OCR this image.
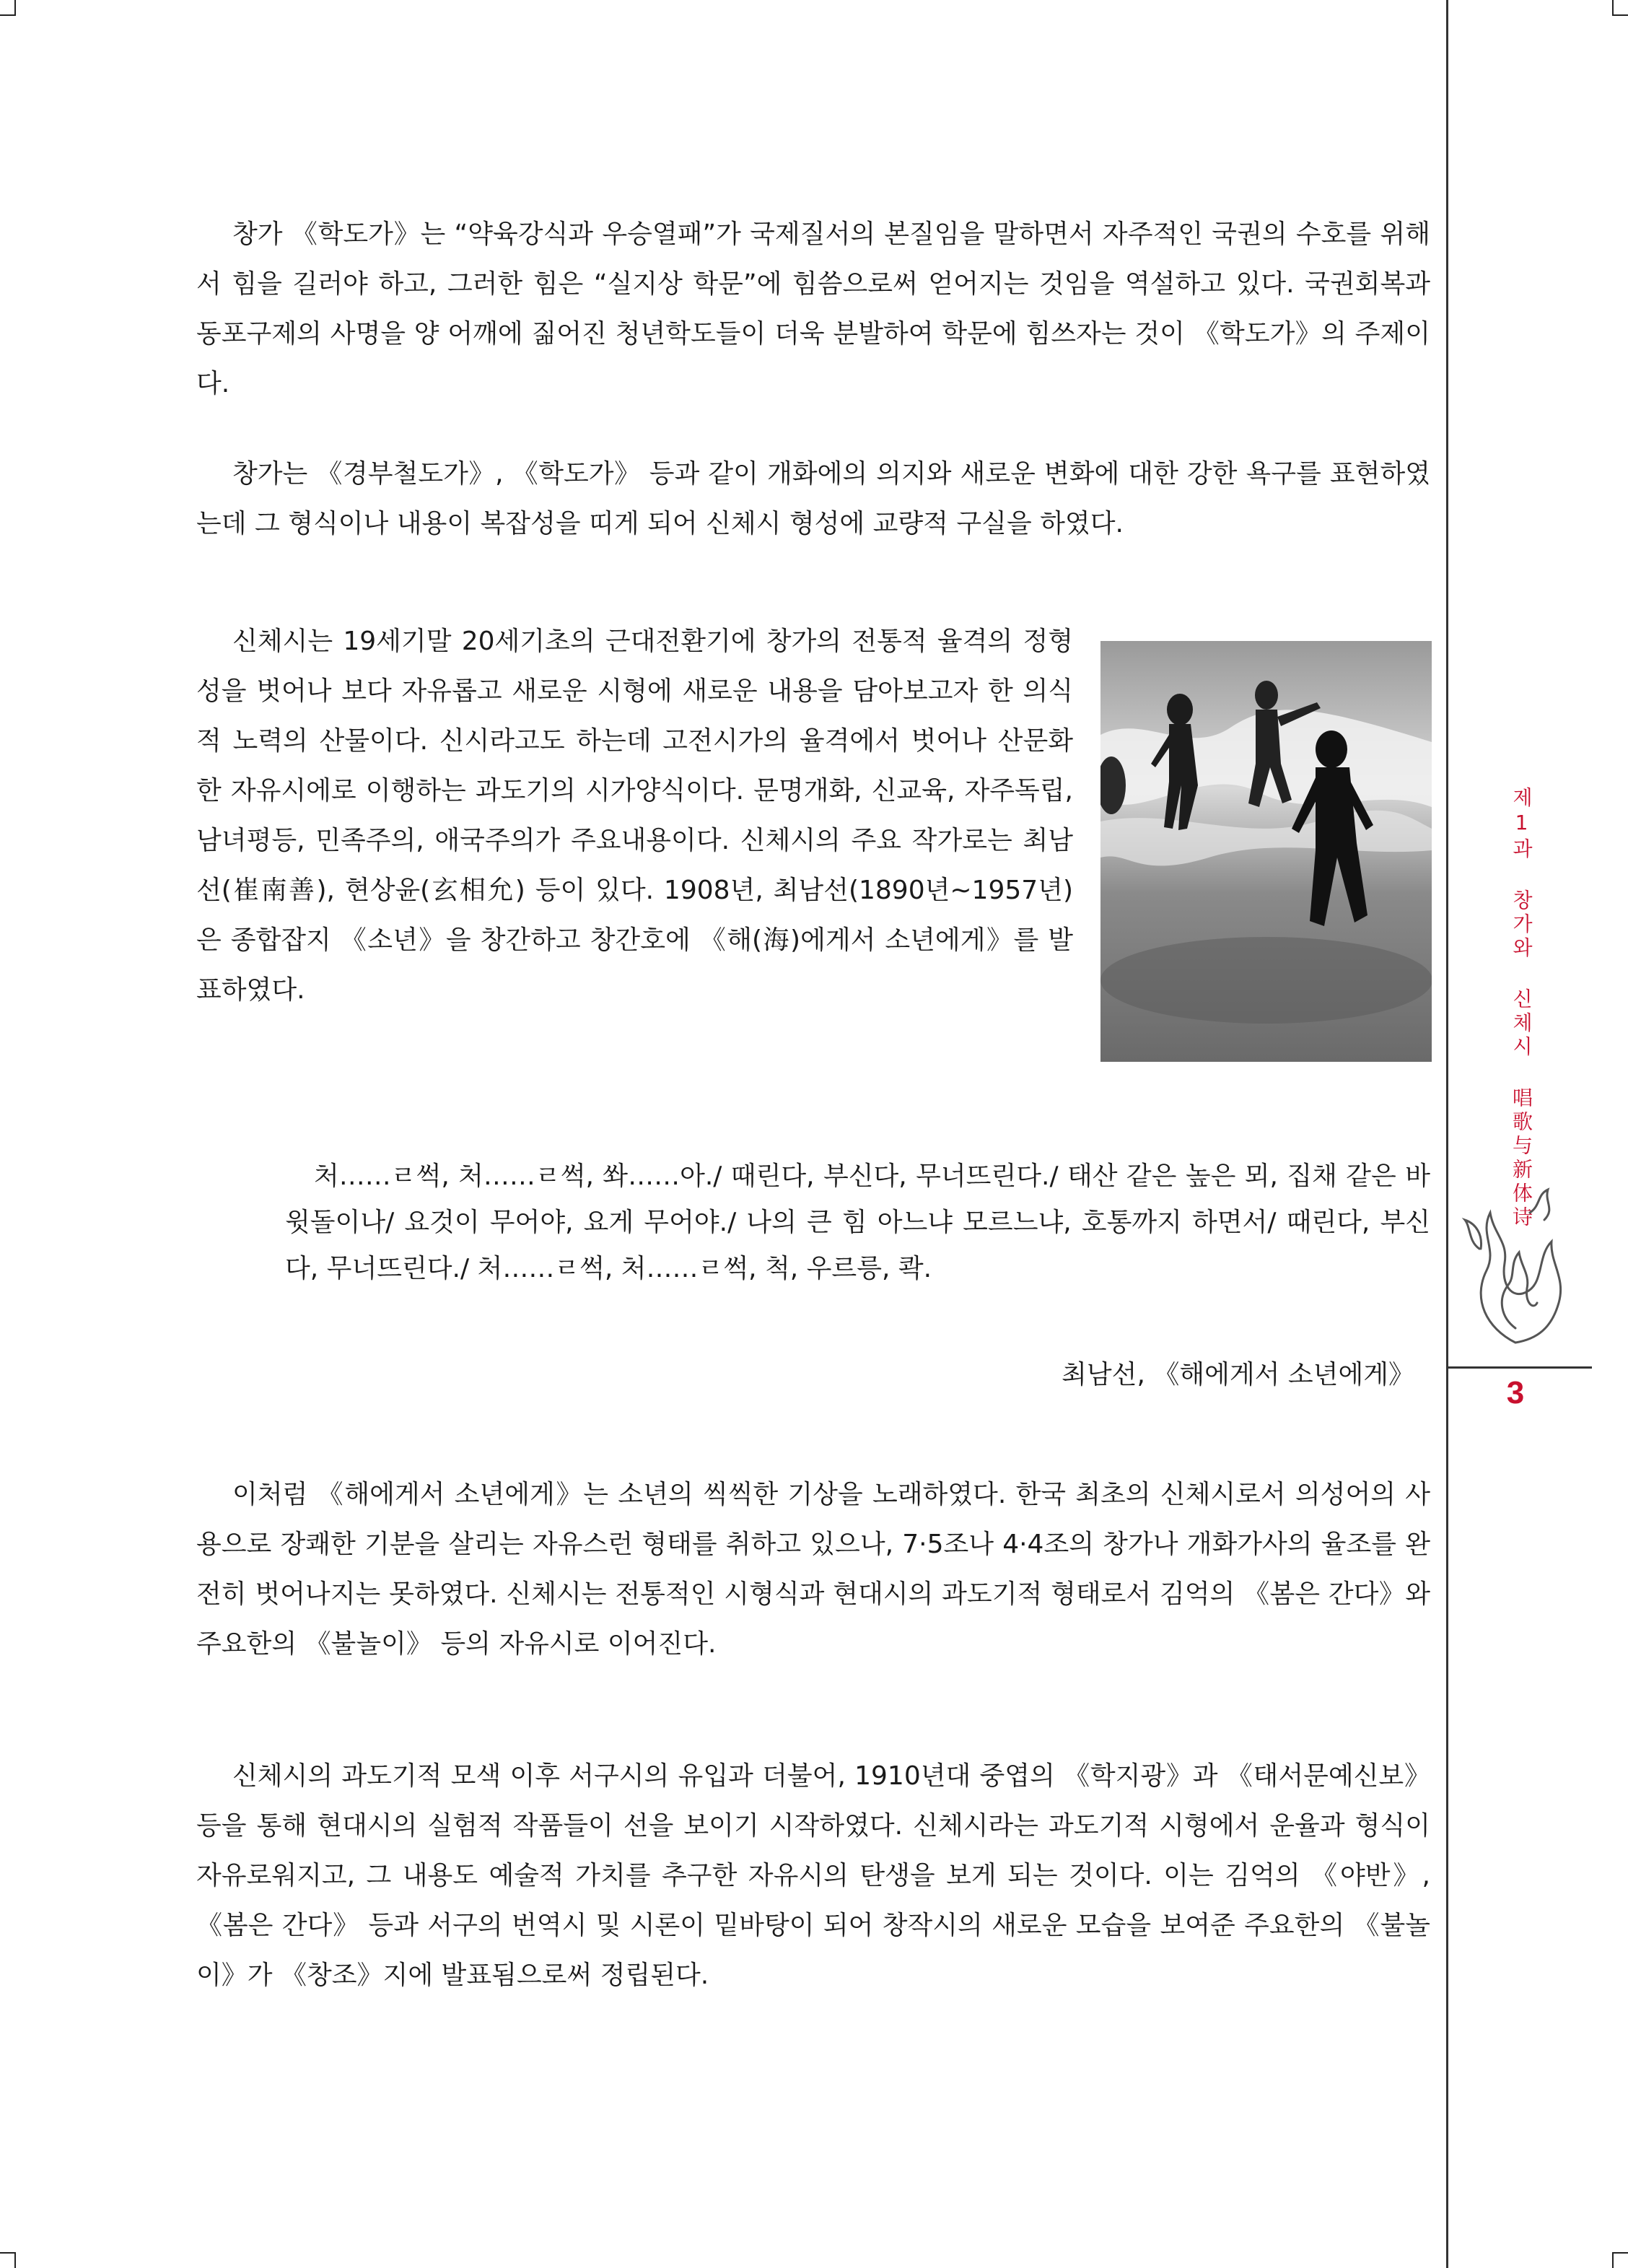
창가 《학도가》는 “약육강식과 우승열패”가 국제질서의 본질임을 말하면서 자주적인 국권의 수호를 위해서 힘을 길러야 하고, 그러한 힘은 “실지상 학문”에 힘씀으로써 얻어지는 것임을 역설하고 있다. 국권회복과 동포구제의 사명을 양 어깨에 짊어진 청년학도들이 더욱 분발하여 학문에 힘쓰자는 것이 《학도가》의 주제이다.

창가는 《경부철도가》, 《학도가》 등과 같이 개화에의 의지와 새로운 변화에 대한 강한 욕구를 표현하였는데 그 형식이나 내용이 복잡성을 띠게 되어 신체시 형성에 교량적 구실을 하였다.

신체시는 19세기말 20세기초의 근대전환기에 창가의 전통적 율격의 정형성을 벗어나 보다 자유롭고 새로운 시형에 새로운 내용을 담아보고자 한 의식적 노력의 산물이다. 신시라고도 하는데 고전시가의 율격에서 벗어나 산문화한 자유시에로 이행하는 과도기의 시가양식이다. 문명개화, 신교육, 자주독립, 남녀평등, 민족주의, 애국주의가 주요내용이다. 신체시의 주요 작가로는 최남선(崔南善), 현상윤(玄相允) 등이 있다. 1908년, 최남선(1890년∼1957년)은 종합잡지 《소년》을 창간하고 창간호에 《해(海)에게서 소년에게》를 발표하였다.

처……ㄹ썩, 처……ㄹ썩, 쏴……아./ 때린다, 부신다, 무너뜨린다./ 태산 같은 높은 뫼, 집채 같은 바윗돌이나/ 요것이 무어야, 요게 무어야./ 나의 큰 힘 아느냐 모르느냐, 호통까지 하면서/ 때린다, 부신다, 무너뜨린다./ 처……ㄹ썩, 처……ㄹ썩, 척, 우르릉, 콱.

최남선, 《해에게서 소년에게》

이처럼 《해에게서 소년에게》는 소년의 씩씩한 기상을 노래하였다. 한국 최초의 신체시로서 의성어의 사용으로 장쾌한 기분을 살리는 자유스런 형태를 취하고 있으나, 7·5조나 4·4조의 창가나 개화가사의 율조를 완전히 벗어나지는 못하였다. 신체시는 전통적인 시형식과 현대시의 과도기적 형태로서 김억의 《봄은 간다》와 주요한의 《불놀이》 등의 자유시로 이어진다.

신체시의 과도기적 모색 이후 서구시의 유입과 더불어, 1910년대 중엽의 《학지광》과 《태서문예신보》 등을 통해 현대시의 실험적 작품들이 선을 보이기 시작하였다. 신체시라는 과도기적 시형에서 운율과 형식이 자유로워지고, 그 내용도 예술적 가치를 추구한 자유시의 탄생을 보게 되는 것이다. 이는 김억의 《야반》, 《봄은 간다》 등과 서구의 번역시 및 시론이 밑바탕이 되어 창작시의 새로운 모습을 보여준 주요한의 《불놀이》가 《창조》지에 발표됨으로써 정립된다.

제1과 창가와 신체시 唱歌与新体诗
3
